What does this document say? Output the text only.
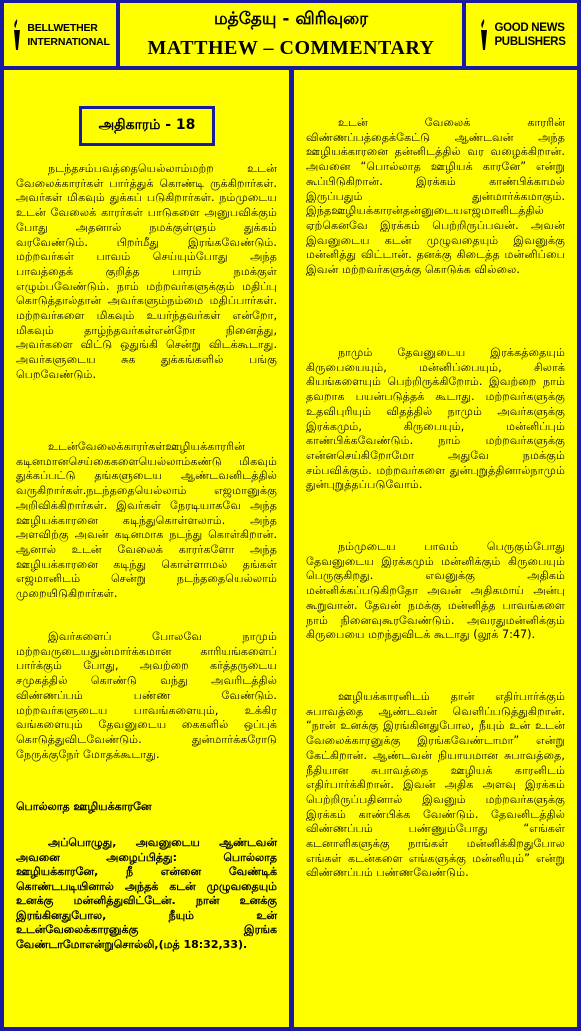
BELLWETHER
INTERNATIONAL
மத்தேயு - விரிவுரை
MATTHEW – COMMENTARY
GOOD NEWS
PUBLISHERS
அதிகாரம் - 18

நடந்தசம்பவத்தையெல்லாம்மற்ற உடன் வேலைக்காரர்கள் பார்த்துக் கொண்டி ருக்கிறார்கள். அவர்கள் மிகவும் துக்கப் படுகிறார்கள். நம்முடைய உடன் வேலைக் காரர்கள் பாடுகளை அனுபவிக்கும் போது அதனால் நமக்குள்ளும் துக்கம் வரவேண்டும். பிறர்மீது இரங்கவேண்டும். மற்றவர்கள் பாவம் செய்யும்போது அந்த பாவத்தைக் குறித்த பாரம் நமக்குள் எழும்பவேண்டும். நாம் மற்றவர்களுக்கும் மதிப்பு கொடுத்தால்தான் அவர்களும்நம்மை மதிப்பார்கள். மற்றவர்களை மிகவும் உயர்ந்தவர்கள் என்றோ, மிகவும் தாழ்ந்தவர்கள்என்றோ நினைத்து, அவர்களை விட்டு ஒதுங்கி சென்று விடக்கூடாது. அவர்களுடைய சுக துக்கங்களில் பங்கு பெறவேண்டும்.

உடன்வேலைக்காரர்கள்ஊழியக்காரரின் கடினமானசெய்கைகளையெல்லாம்கண்டு மிகவும் துக்கப்பட்டு தங்களுடைய ஆண்டவனிடத்தில் வருகிறார்கள்.நடந்ததையெல்லாம் எஜமானுக்கு அறிவிக்கிறார்கள். இவர்கள் நேரடியாகவே அந்த ஊழியக்காரனை கடிந்துகொள்ளலாம். அந்த அளவிற்கு அவன் கடினமாக நடந்து கொள்கிறான். ஆனால் உடன் வேலைக் காரர்களோ அந்த ஊழியக்காரனை கடிந்து கொள்ளாமல் தங்கள் எஜமானிடம் சென்று நடந்ததையெல்லாம் முறையிடுகிறார்கள்.

இவர்களைப் போலவே நாமும் மற்றவருடையதுன்மார்க்கமான காரியங்களைப் பார்க்கும் போது, அவற்றை கர்த்தருடைய சமுகத்தில் கொண்டு வந்து அவரிடத்தில் விண்ணப்பம் பண்ண வேண்டும். மற்றவர்களுடைய பாவங்களையும், உக்கிர வங்களையும் தேவனுடைய கைகளில் ஒப்புக் கொடுத்துவிடவேண்டும். துன்மார்க்கரோடு நேருக்குநேர் மோதக்கூடாது.

பொல்லாத ஊழியக்காரனே

அப்பொழுது, அவனுடைய ஆண்டவன் அவனை அழைப்பித்து: பொல்லாத ஊழியக்காரனே, நீ என்னை வேண்டிக் கொண்டபடியினால் அந்தக் கடன் முழுவதையும் உனக்கு மன்னித்துவிட்டேன். நான் உனக்கு இரங்கினதுபோல, நீயும் உன் உடன்வேலைக்காரனுக்கு இரங்க வேண்டாமோஎன்றுசொல்லி,(மத் 18:32,33).

உடன் வேலைக் காரரின் விண்ணப்பத்தைக்கேட்டு ஆண்டவன் அந்த ஊழியக்காரனை தன்னிடத்தில் வர வழைக்கிறான். அவனை “பொல்லாத ஊழியக் காரனே” என்று கூப்பிடுகிறான். இரக்கம் காண்பிக்காமல் இருப்பதும் துன்மார்க்கமாகும். இந்தஊழியக்காரன்தன்னுடையஎஜமானிடத்தில் ஏற்கெனவே இரக்கம் பெற்றிருப்பவன். அவன் இவனுடைய கடன் முழுவதையும் இவனுக்கு மன்னித்து விட்டான். தனக்கு கிடைத்த மன்னிப்பை இவன் மற்றவர்களுக்கு கொடுக்க வில்லை.

நாமும் தேவனுடைய இரக்கத்தையும் கிருபையையும், மன்னிப்பையும், சிலாக் கியங்களையும் பெற்றிருக்கிறோம். இவற்றை நாம் தவறாக பயன்படுத்தக் கூடாது. மற்றவர்களுக்கு உதவிபுரியும் விதத்தில் நாமும் அவர்களுக்கு இரக்கமும், கிருபையும், மன்னிப்பும் காண்பிக்கவேண்டும். நாம் மற்றவர்களுக்கு என்னசெய்கிறோமோ அதுவே நமக்கும் சம்பவிக்கும். மற்றவர்களை துன்புறுத்தினால்நாமும் துன்புறுத்தப்படுவோம்.

நம்முடைய பாவம் பெருகும்போது தேவனுடைய இரக்கமும் மன்னிக்கும் கிருபையும் பெருகுகிறது. எவனுக்கு அதிகம் மன்னிக்கப்படுகிறதோ அவன் அதிகமாய் அன்பு கூறுவான். தேவன் நமக்கு மன்னித்த பாவங்களை நாம் நினைவுகூரவேண்டும். அவரதுமன்னிக்கும் கிருபையை மறந்துவிடக் கூடாது (லூக் 7:47).

ஊழியக்காரனிடம் தான் எதிர்பார்க்கும் சுபாவத்தை ஆண்டவன் வெளிப்படுத்துகிறான். “நான் உனக்கு இரங்கினதுபோல, நீயும் உன் உடன் வேலைக்காரனுக்கு இரங்கவேண்டாமா” என்று கேட்கிறான். ஆண்டவன் நியாயமான சுபாவத்தை, நீதியான சுபாவத்தை ஊழியக் காரனிடம் எதிர்பார்க்கிறான். இவன் அதிக அளவு இரக்கம் பெற்றிருப்பதினால் இவனும் மற்றவர்களுக்கு இரக்கம் காண்பிக்க வேண்டும். தேவனிடத்தில் விண்ணப்பம் பண்ணும்போது “எங்கள் கடனாளிகளுக்கு நாங்கள் மன்னிக்கிறதுபோல எங்கள் கடன்களை எங்களுக்கு மன்னியும்” என்று விண்ணப்பம் பண்ணவேண்டும்.
